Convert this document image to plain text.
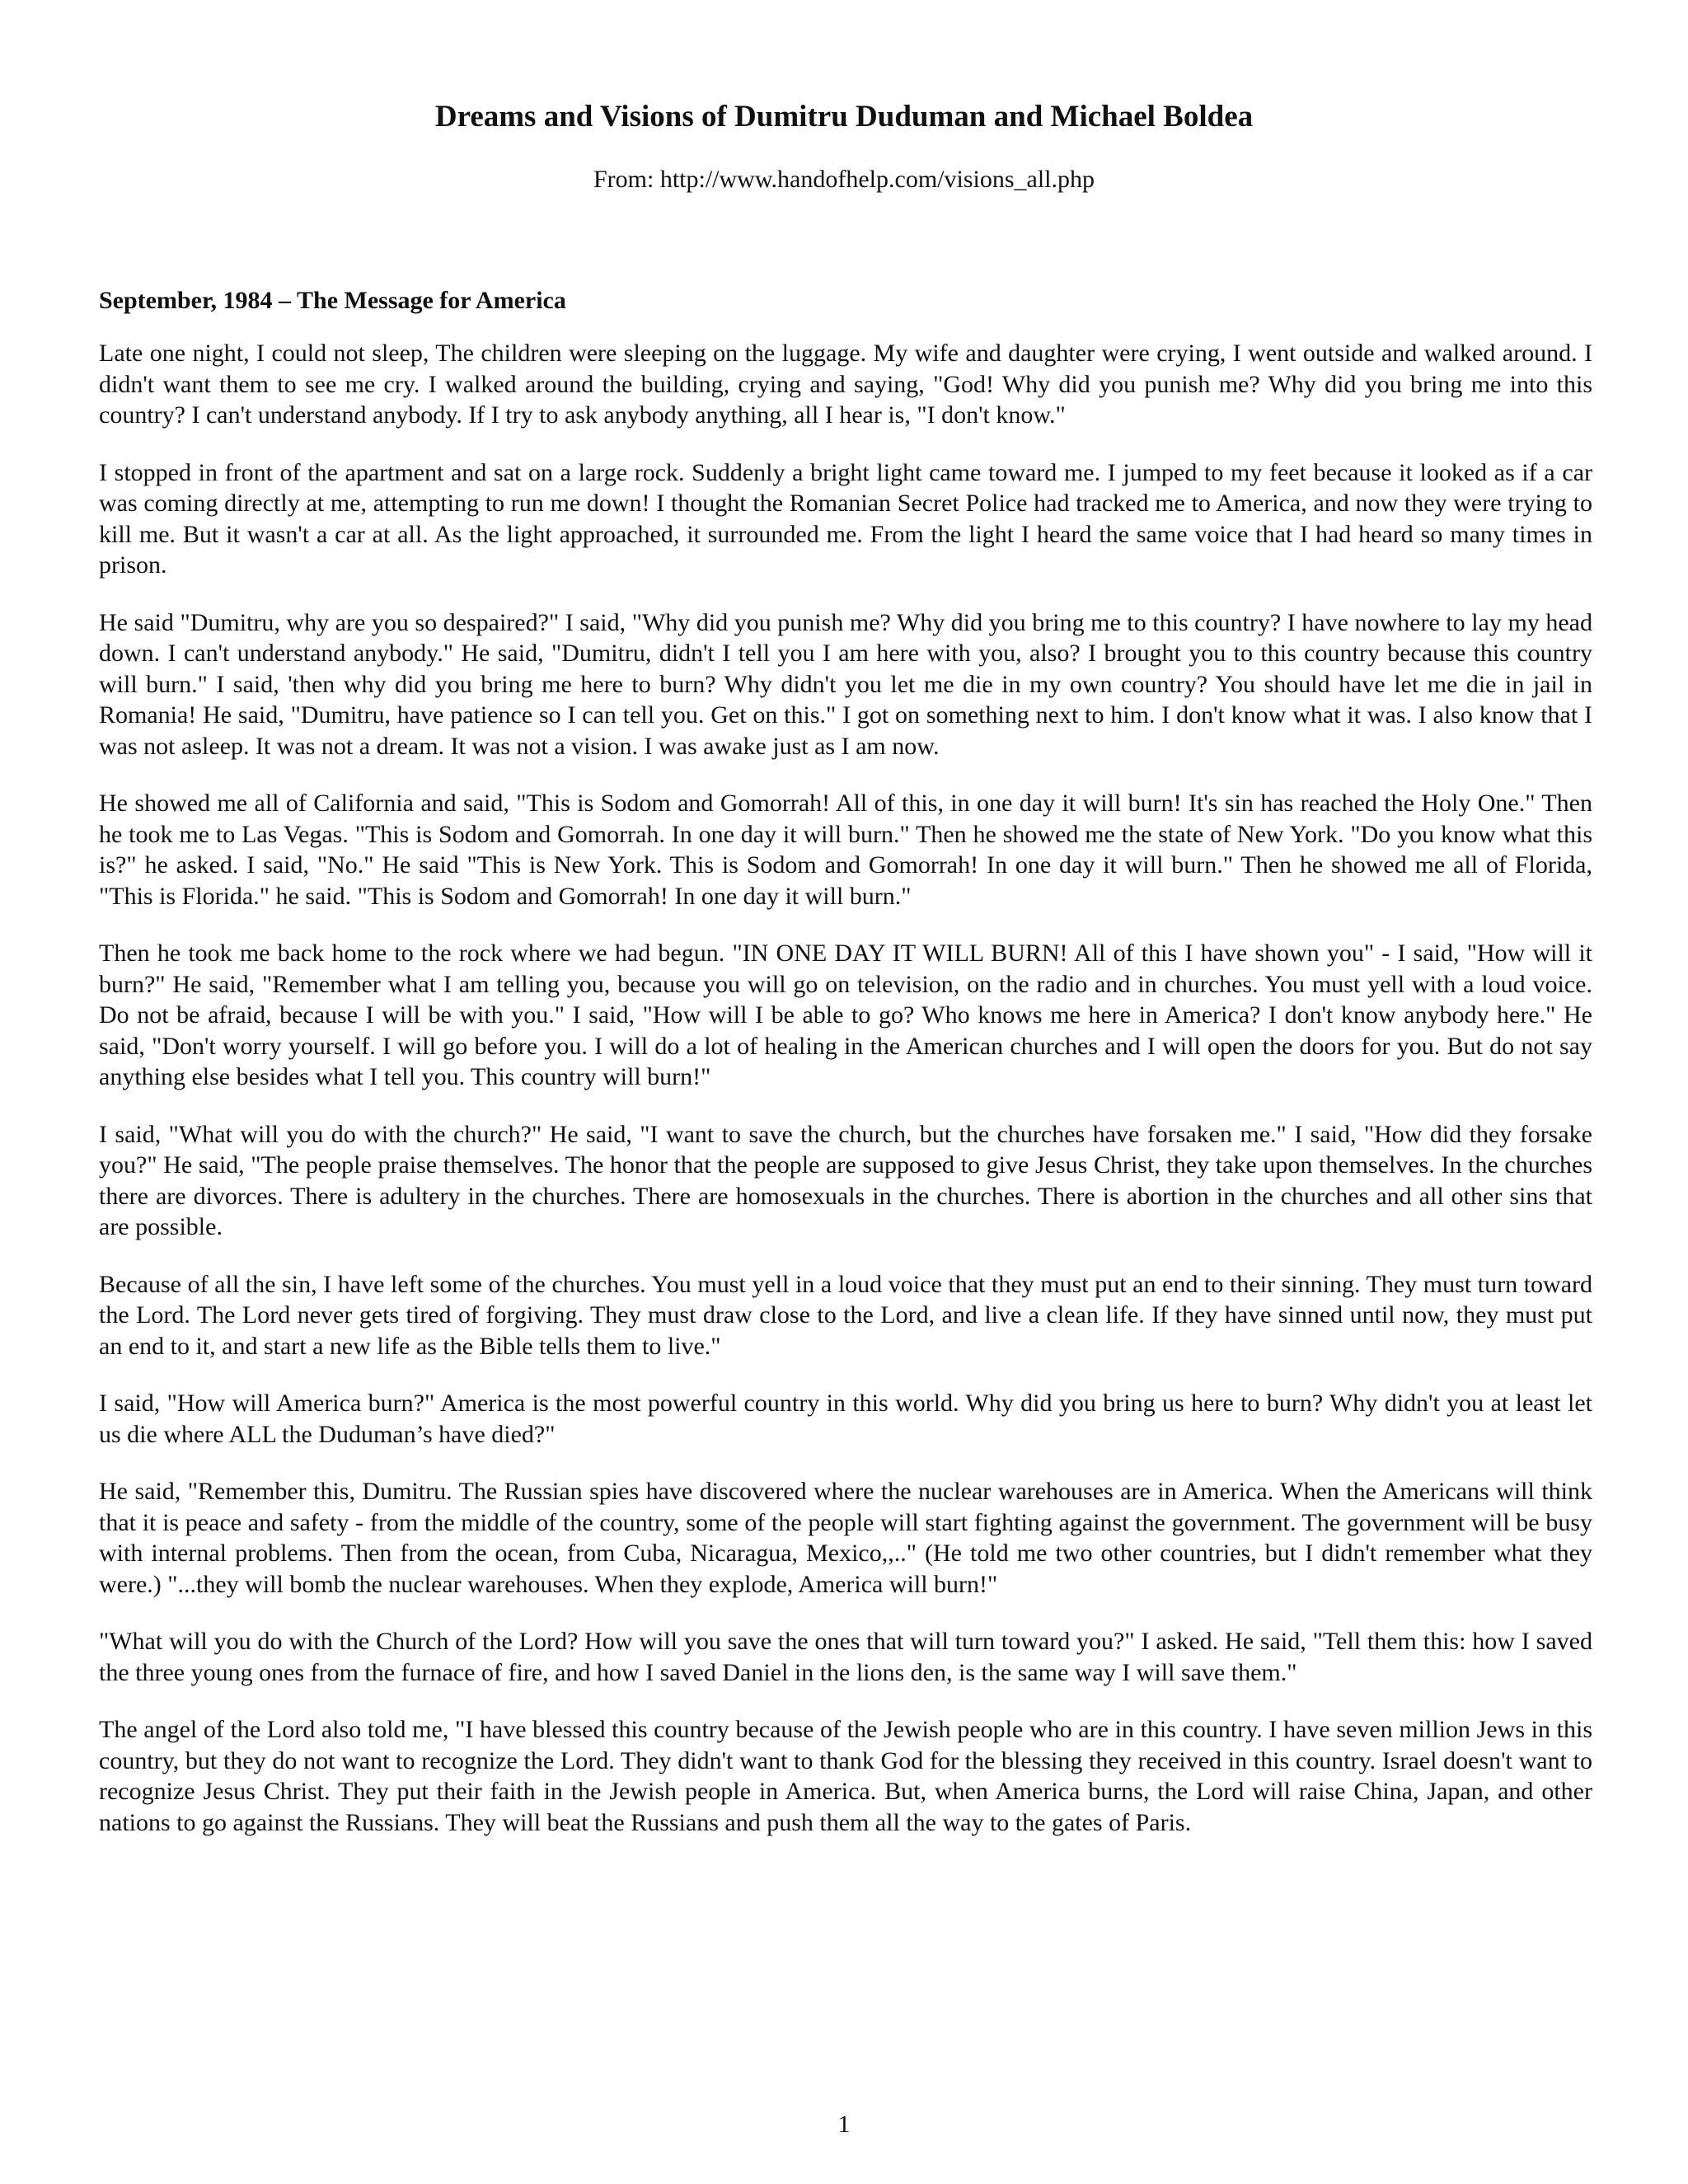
Dreams and Visions of Dumitru Duduman and Michael Boldea

From: http://www.handofhelp.com/visions_all.php

September, 1984 – The Message for America

Late one night, I could not sleep, The children were sleeping on the luggage. My wife and daughter were crying, I went outside and walked around. I didn't want them to see me cry. I walked around the building, crying and saying, "God! Why did you punish me? Why did you bring me into this country? I can't understand anybody. If I try to ask anybody anything, all I hear is, "I don't know."

I stopped in front of the apartment and sat on a large rock. Suddenly a bright light came toward me. I jumped to my feet because it looked as if a car was coming directly at me, attempting to run me down! I thought the Romanian Secret Police had tracked me to America, and now they were trying to kill me. But it wasn't a car at all. As the light approached, it surrounded me. From the light I heard the same voice that I had heard so many times in prison.

He said "Dumitru, why are you so despaired?" I said, "Why did you punish me? Why did you bring me to this country? I have nowhere to lay my head down. I can't understand anybody." He said, "Dumitru, didn't I tell you I am here with you, also? I brought you to this country because this country will burn." I said, 'then why did you bring me here to burn? Why didn't you let me die in my own country? You should have let me die in jail in Romania! He said, "Dumitru, have patience so I can tell you. Get on this." I got on something next to him. I don't know what it was. I also know that I was not asleep. It was not a dream. It was not a vision. I was awake just as I am now.

He showed me all of California and said, "This is Sodom and Gomorrah! All of this, in one day it will burn! It's sin has reached the Holy One." Then he took me to Las Vegas. "This is Sodom and Gomorrah. In one day it will burn." Then he showed me the state of New York. "Do you know what this is?" he asked. I said, "No." He said "This is New York. This is Sodom and Gomorrah! In one day it will burn." Then he showed me all of Florida, "This is Florida." he said. "This is Sodom and Gomorrah! In one day it will burn."

Then he took me back home to the rock where we had begun. "IN ONE DAY IT WILL BURN! All of this I have shown you" - I said, "How will it burn?" He said, "Remember what I am telling you, because you will go on television, on the radio and in churches. You must yell with a loud voice. Do not be afraid, because I will be with you." I said, "How will I be able to go? Who knows me here in America? I don't know anybody here." He said, "Don't worry yourself. I will go before you. I will do a lot of healing in the American churches and I will open the doors for you. But do not say anything else besides what I tell you. This country will burn!"

I said, "What will you do with the church?" He said, "I want to save the church, but the churches have forsaken me." I said, "How did they forsake you?" He said, "The people praise themselves. The honor that the people are supposed to give Jesus Christ, they take upon themselves. In the churches there are divorces. There is adultery in the churches. There are homosexuals in the churches. There is abortion in the churches and all other sins that are possible.

Because of all the sin, I have left some of the churches. You must yell in a loud voice that they must put an end to their sinning. They must turn toward the Lord. The Lord never gets tired of forgiving. They must draw close to the Lord, and live a clean life. If they have sinned until now, they must put an end to it, and start a new life as the Bible tells them to live."

I said, "How will America burn?" America is the most powerful country in this world. Why did you bring us here to burn? Why didn't you at least let us die where ALL the Duduman’s have died?"

He said, "Remember this, Dumitru. The Russian spies have discovered where the nuclear warehouses are in America. When the Americans will think that it is peace and safety - from the middle of the country, some of the people will start fighting against the government. The government will be busy with internal problems. Then from the ocean, from Cuba, Nicaragua, Mexico,,.." (He told me two other countries, but I didn't remember what they were.) "...they will bomb the nuclear warehouses. When they explode, America will burn!"

"What will you do with the Church of the Lord? How will you save the ones that will turn toward you?" I asked. He said, "Tell them this: how I saved the three young ones from the furnace of fire, and how I saved Daniel in the lions den, is the same way I will save them."

The angel of the Lord also told me, "I have blessed this country because of the Jewish people who are in this country. I have seven million Jews in this country, but they do not want to recognize the Lord. They didn't want to thank God for the blessing they received in this country. Israel doesn't want to recognize Jesus Christ. They put their faith in the Jewish people in America. But, when America burns, the Lord will raise China, Japan, and other nations to go against the Russians. They will beat the Russians and push them all the way to the gates of Paris.

1
